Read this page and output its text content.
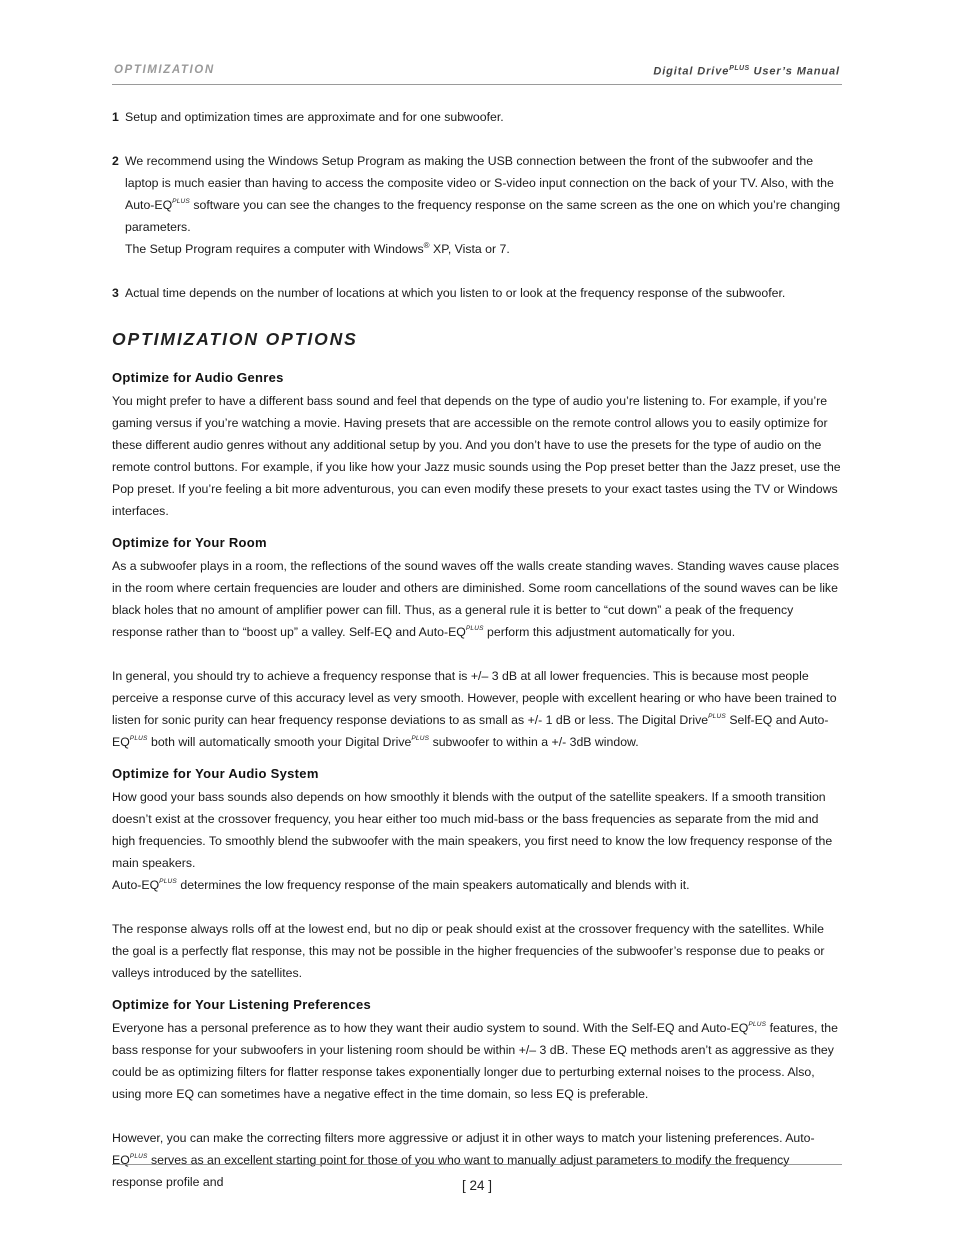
OPTIMIZATION	Digital Drive$^{PLUS}$ User’s Manual

1 Setup and optimization times are approximate and for one subwoofer.

2 We recommend using the Windows Setup Program as making the USB connection between the front of the subwoofer and the laptop is much easier than having to access the composite video or S-video input connection on the back of your TV. Also, with the Auto-$EQ^{PLUS}$ software you can see the changes to the frequency response on the same screen as the one on which you’re changing parameters.
The Setup Program requires a computer with Windows® XP, Vista or 7.

3 Actual time depends on the number of locations at which you listen to or look at the frequency response of the subwoofer.

OPTIMIZATION OPTIONS
Optimize for Audio Genres

You might prefer to have a different bass sound and feel that depends on the type of audio you’re listening to. For example, if you’re gaming versus if you’re watching a movie. Having presets that are accessible on the remote control allows you to easily optimize for these different audio genres without any additional setup by you. And you don’t have to use the presets for the type of audio on the remote control buttons. For example, if you like how your Jazz music sounds using the Pop preset better than the Jazz preset, use the Pop preset. If you’re feeling a bit more adventurous, you can even modify these presets to your exact tastes using the TV or Windows interfaces.

Optimize for Your Room

As a subwoofer plays in a room, the reflections of the sound waves off the walls create standing waves. Standing waves cause places in the room where certain frequencies are louder and others are diminished. Some room cancellations of the sound waves can be like black holes that no amount of amplifier power can fill. Thus, as a general rule it is better to “cut down” a peak of the frequency response rather than to “boost up” a valley. Self-EQ and Auto-$EQ^{PLUS}$ perform this adjustment automatically for you.

In general, you should try to achieve a frequency response that is +/– 3 dB at all lower frequencies. This is because most people perceive a response curve of this accuracy level as very smooth. However, people with excellent hearing or who have been trained to listen for sonic purity can hear frequency response deviations to as small as +/- 1 dB or less. The Digital Drive$^{PLUS}$ Self-EQ and Auto-$EQ^{PLUS}$ both will automatically smooth your Digital Drive$^{PLUS}$ subwoofer to within a +/- 3dB window.

Optimize for Your Audio System

How good your bass sounds also depends on how smoothly it blends with the output of the satellite speakers. If a smooth transition doesn’t exist at the crossover frequency, you hear either too much mid-bass or the bass frequencies as separate from the mid and high frequencies. To smoothly blend the subwoofer with the main speakers, you first need to know the low frequency response of the main speakers.
Auto-$EQ^{PLUS}$ determines the low frequency response of the main speakers automatically and blends with it.

The response always rolls off at the lowest end, but no dip or peak should exist at the crossover frequency with the satellites. While the goal is a perfectly flat response, this may not be possible in the higher frequencies of the subwoofer’s response due to peaks or valleys introduced by the satellites.

Optimize for Your Listening Preferences

Everyone has a personal preference as to how they want their audio system to sound. With the Self-EQ and Auto-$EQ^{PLUS}$ features, the bass response for your subwoofers in your listening room should be within +/– 3 dB. These EQ methods aren’t as aggressive as they could be as optimizing filters for flatter response takes exponentially longer due to perturbing external noises to the process. Also, using more EQ can sometimes have a negative effect in the time domain, so less EQ is preferable.

However, you can make the correcting filters more aggressive or adjust it in other ways to match your listening preferences. Auto-$EQ^{PLUS}$ serves as an excellent starting point for those of you who want to manually adjust parameters to modify the frequency response profile and	[ 24 ]
